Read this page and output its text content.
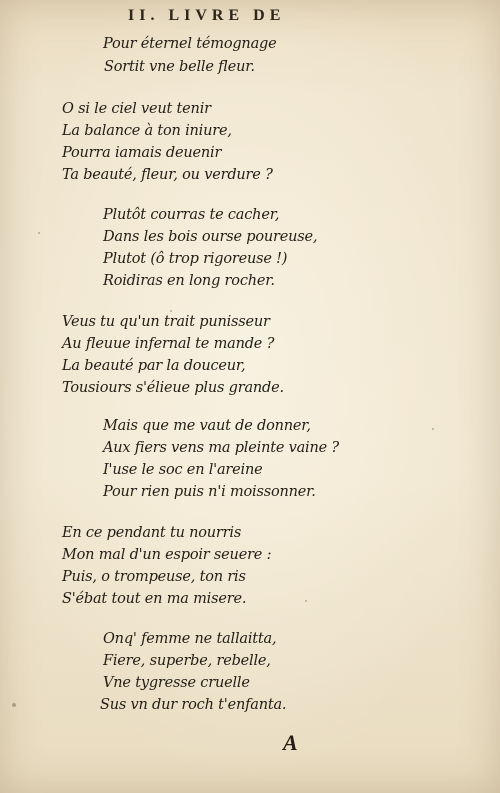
II. LIVRE DE
Pour éternel témognage
Sortit vne belle fleur.
O si le ciel veut tenir
La balance à ton iniure,
Pourra iamais deuenir
Ta beauté, fleur, ou verdure ?
Plutôt courras te cacher,
Dans les bois ourse poureuse,
Plutot (ô trop rigoreuse !)
Roidiras en long rocher.
Veus tu qu'un trait punisseur
Au fleuue infernal te mande ?
La beauté par la douceur,
Tousiours s'élieue plus grande.
Mais que me vaut de donner,
Aux fiers vens ma pleinte vaine ?
I'use le soc en l'areine
Pour rien puis n'i moissonner.
En ce pendant tu nourris
Mon mal d'un espoir seuere :
Puis, o trompeuse, ton ris
S'ébat tout en ma misere.
Onq' femme ne tallaitta,
Fiere, superbe, rebelle,
Vne tygresse cruelle
Sus vn dur roch t'enfanta.
A
